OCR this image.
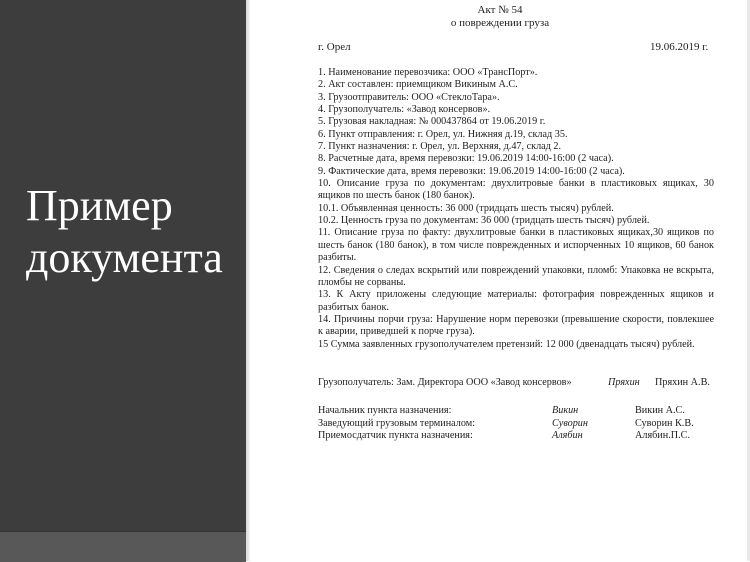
Пример
документа
Акт № 54
о повреждении груза
г. Орел	19.06.2019 г.

1. Наименование перевозчика: ООО «ТрансПорт».

2. Акт составлен: приемщиком Викиным А.С.

3. Грузоотправитель: ООО «СтеклоТара».

4. Грузополучатель: «Завод консервов».

5. Грузовая накладная: № 000437864 от 19.06.2019 г.

6. Пункт отправления: г. Орел, ул. Нижняя д.19, склад 35.

7. Пункт назначения: г. Орел, ул. Верхняя, д.47, склад 2.

8. Расчетные дата, время перевозки: 19.06.2019 14:00-16:00 (2 часа).

9. Фактические дата, время перевозки: 19.06.2019 14:00-16:00 (2 часа).

10. Описание груза по документам: двухлитровые банки в пластиковых ящиках, 30 ящиков по шесть банок (180 банок).

10.1. Объявленная ценность: 36 000 (тридцать шесть тысяч) рублей.

10.2. Ценность груза по документам: 36 000 (тридцать шесть тысяч) рублей.

11. Описание груза по факту: двухлитровые банки в пластиковых ящиках,30 ящиков по шесть банок (180 банок), в том числе поврежденных и испорченных 10 ящиков, 60 банок разбиты.

12. Сведения о следах вскрытий или повреждений упаковки, пломб: Упаковка не вскрыта, пломбы не сорваны.

13. К Акту приложены следующие материалы: фотография поврежденных ящиков и разбитых банок.

14. Причины порчи груза: Нарушение норм перевозки (превышение скорости, повлекшее к аварии, приведшей к порче груза).

15 Сумма заявленных грузополучателем претензий: 12 000 (двенадцать тысяч) рублей.

Грузополучатель: Зам. Директора ООО «Завод консервов»	Пряхин Пряхин А.В.
Начальник пункта назначения:	Викин	Викин А.С.
Заведующий грузовым терминалом:	Суворин	Суворин К.В.
Приемосдатчик пункта назначения:	Алябин	Алябин.П.С.
